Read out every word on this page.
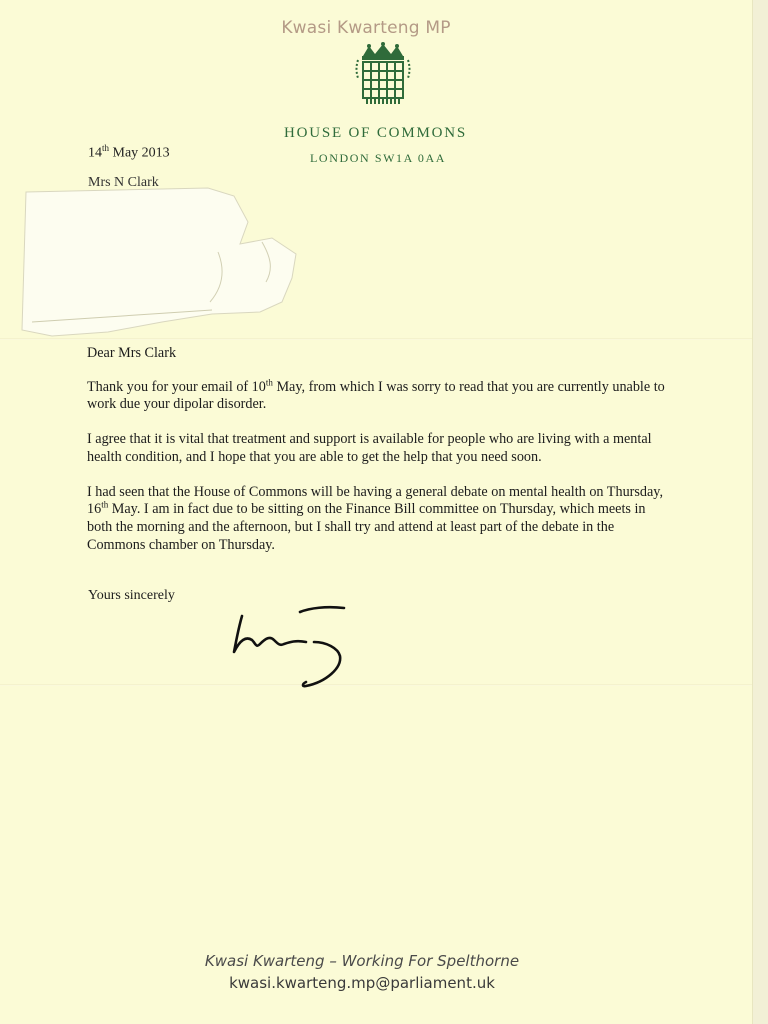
Kwasi Kwarteng MP
HOUSE OF COMMONS
LONDON SW1A 0AA
14th May 2013
Mrs N Clark

Dear Mrs Clark

Thank you for your email of 10th May, from which I was sorry to read that you are currently unable to work due your dipolar disorder.

I agree that it is vital that treatment and support is available for people who are living with a mental health condition, and I hope that you are able to get the help that you need soon.

I had seen that the House of Commons will be having a general debate on mental health on Thursday, 16th May. I am in fact due to be sitting on the Finance Bill committee on Thursday, which meets in both the morning and the afternoon, but I shall try and attend at least part of the debate in the Commons chamber on Thursday.

Yours sincerely
Kwasi Kwarteng – Working For Spelthorne
kwasi.kwarteng.mp@parliament.uk
